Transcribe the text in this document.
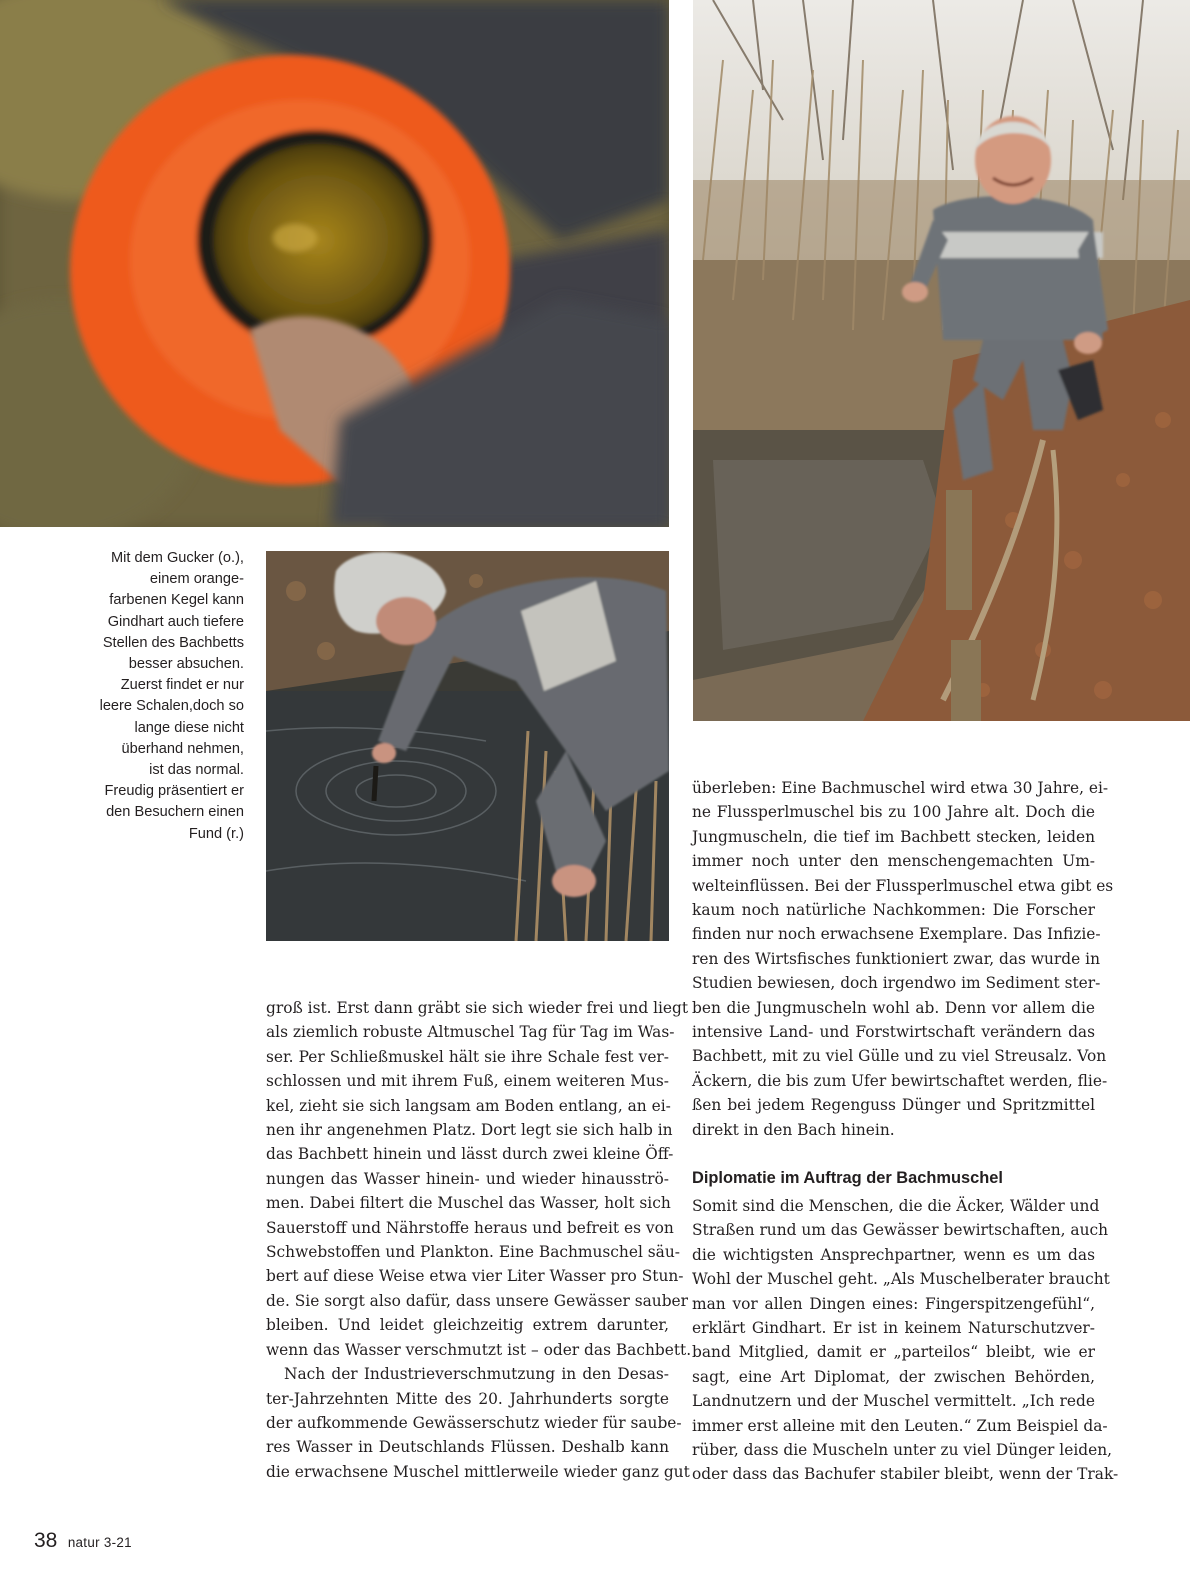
Mit dem Gucker (o.),
einem orange-
farbenen Kegel kann
Gindhart auch tiefere
Stellen des Bachbetts
besser absuchen.
Zuerst findet er nur
leere Schalen,doch so
lange diese nicht
überhand nehmen,
ist das normal.
Freudig präsentiert er
den Besuchern einen
Fund (r.)
groß ist. Erst dann gräbt sie sich wieder frei und liegt
als ziemlich robuste Altmuschel Tag für Tag im Was-
ser. Per Schließmuskel hält sie ihre Schale fest ver-
schlossen und mit ihrem Fuß, einem weiteren Mus-
kel, zieht sie sich langsam am Boden entlang, an ei-
nen ihr angenehmen Platz. Dort legt sie sich halb in
das Bachbett hinein und lässt durch zwei kleine Öff-
nungen das Wasser hinein- und wieder hinausströ-
men. Dabei filtert die Muschel das Wasser, holt sich
Sauerstoff und Nährstoffe heraus und befreit es von
Schwebstoffen und Plankton. Eine Bachmuschel säu-
bert auf diese Weise etwa vier Liter Wasser pro Stun-
de. Sie sorgt also dafür, dass unsere Gewässer sauber
bleiben. Und leidet gleichzeitig extrem darunter,
wenn das Wasser verschmutzt ist – oder das Bachbett.
Nach der Industrieverschmutzung in den Desas-
ter-Jahrzehnten Mitte des 20. Jahrhunderts sorgte
der aufkommende Gewässerschutz wieder für saube-
res Wasser in Deutschlands Flüssen. Deshalb kann
die erwachsene Muschel mittlerweile wieder ganz gut
überleben: Eine Bachmuschel wird etwa 30 Jahre, ei-
ne Flussperlmuschel bis zu 100 Jahre alt. Doch die
Jungmuscheln, die tief im Bachbett stecken, leiden
immer noch unter den menschengemachten Um-
welteinflüssen. Bei der Flussperlmuschel etwa gibt es
kaum noch natürliche Nachkommen: Die Forscher
finden nur noch erwachsene Exemplare. Das Infizie-
ren des Wirtsfisches funktioniert zwar, das wurde in
Studien bewiesen, doch irgendwo im Sediment ster-
ben die Jungmuscheln wohl ab. Denn vor allem die
intensive Land- und Forstwirtschaft verändern das
Bachbett, mit zu viel Gülle und zu viel Streusalz. Von
Äckern, die bis zum Ufer bewirtschaftet werden, flie-
ßen bei jedem Regenguss Dünger und Spritzmittel
direkt in den Bach hinein.
Diplomatie im Auftrag der Bachmuschel
Somit sind die Menschen, die die Äcker, Wälder und
Straßen rund um das Gewässer bewirtschaften, auch
die wichtigsten Ansprechpartner, wenn es um das
Wohl der Muschel geht. „Als Muschelberater braucht
man vor allen Dingen eines: Fingerspitzengefühl“,
erklärt Gindhart. Er ist in keinem Naturschutzver-
band Mitglied, damit er „parteilos“ bleibt, wie er
sagt, eine Art Diplomat, der zwischen Behörden,
Landnutzern und der Muschel vermittelt. „Ich rede
immer erst alleine mit den Leuten.“ Zum Beispiel da-
rüber, dass die Muscheln unter zu viel Dünger leiden,
oder dass das Bachufer stabiler bleibt, wenn der Trak-
38 natur 3-21
